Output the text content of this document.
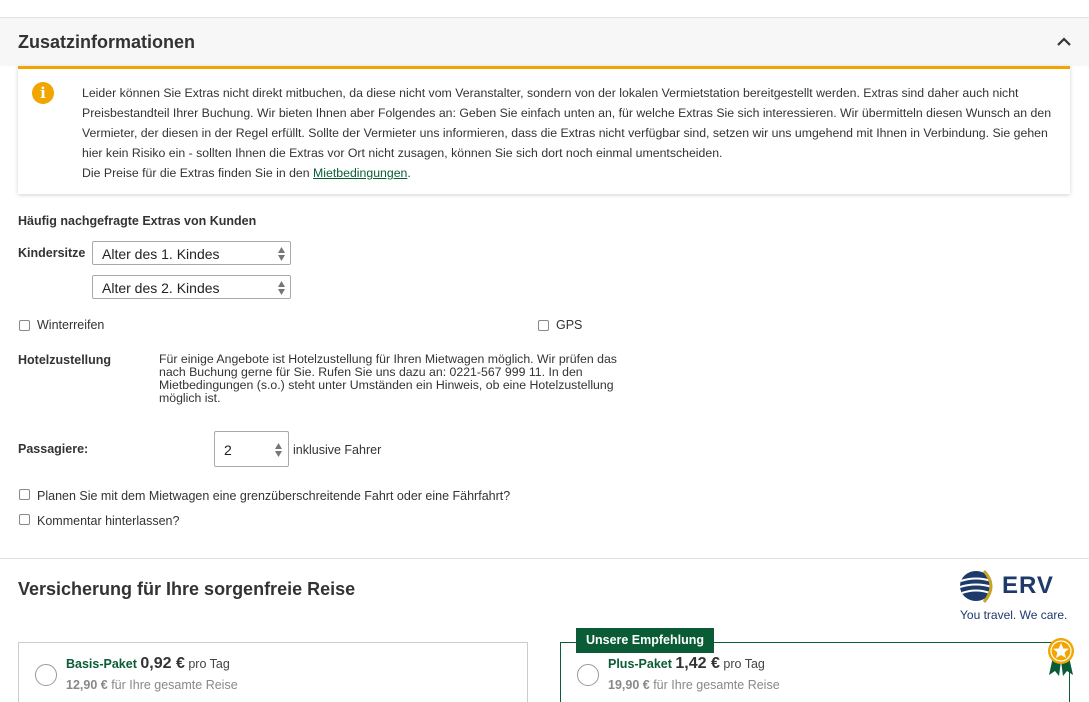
Zusatzinformationen
i	Leider können Sie Extras nicht direkt mitbuchen, da diese nicht vom Veranstalter, sondern von der lokalen Vermietstation bereitgestellt werden. Extras sind daher auch nicht Preisbestandteil Ihrer Buchung. Wir bieten Ihnen aber Folgendes an: Geben Sie einfach unten an, für welche Extras Sie sich interessieren. Wir übermitteln diesen Wunsch an den Vermieter, der diesen in der Regel erfüllt. Sollte der Vermieter uns informieren, dass die Extras nicht verfügbar sind, setzen wir uns umgehend mit Ihnen in Verbindung. Sie gehen hier kein Risiko ein - sollten Ihnen die Extras vor Ort nicht zusagen, können Sie sich dort noch einmal umentscheiden.
Die Preise für die Extras finden Sie in den Mietbedingungen.
Häufig nachgefragte Extras von Kunden
Kindersitze Alter des 1. Kindes
Alter des 2. Kindes
Winterreifen	GPS
Hotelzustellung	Für einige Angebote ist Hotelzustellung für Ihren Mietwagen möglich. Wir prüfen das
nach Buchung gerne für Sie. Rufen Sie uns dazu an: 0221-567 999 11. In den
Mietbedingungen (s.o.) steht unter Umständen ein Hinweis, ob eine Hotelzustellung
möglich ist.
Passagiere:	2	inklusive Fahrer
Planen Sie mit dem Mietwagen eine grenzüberschreitende Fahrt oder eine Fährfahrt?
Kommentar hinterlassen?
Versicherung für Ihre sorgenfreie Reise	ERV
You travel. We care.
Basis-Paket 0,92 € pro Tag
12,90 € für Ihre gesamte Reise
Plus-Paket 1,42 € pro Tag
19,90 € für Ihre gesamte Reise
Unsere Empfehlung
